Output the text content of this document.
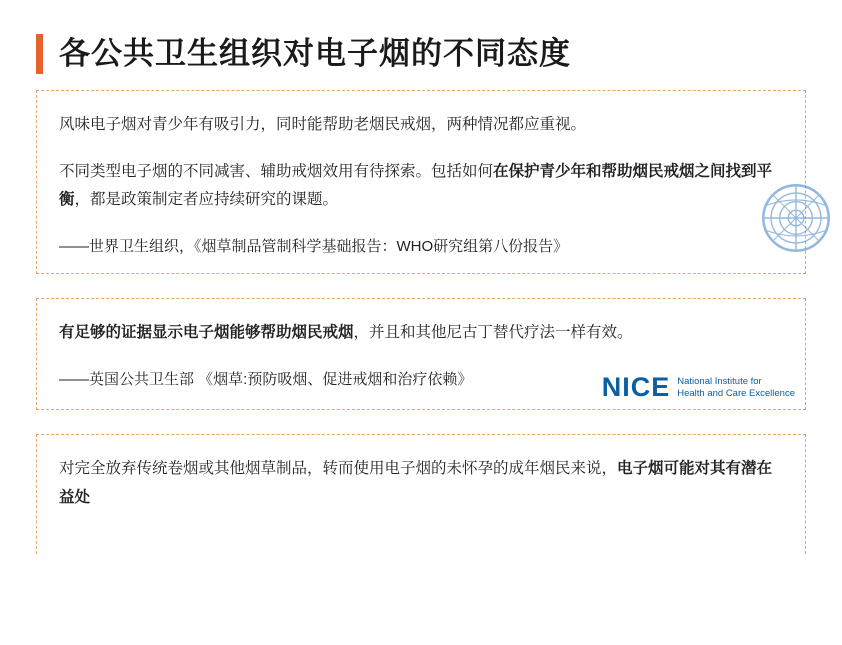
各公共卫生组织对电子烟的不同态度

风味电子烟对青少年有吸引力，同时能帮助老烟民戒烟，两种情况都应重视。

不同类型电子烟的不同减害、辅助戒烟效用有待探索。包括如何在保护青少年和帮助烟民戒烟之间找到平衡，都是政策制定者应持续研究的课题。

——世界卫生组织，《烟草制品管制科学基础报告：WHO研究组第八份报告》

有足够的证据显示电子烟能够帮助烟民戒烟，并且和其他尼古丁替代疗法一样有效。

——英国公共卫生部 《烟草:预防吸烟、促进戒烟和治疗依赖》	NICE National Institute for
Health and Care Excellence

对完全放弃传统卷烟或其他烟草制品，转而使用电子烟的未怀孕的成年烟民来说，电子烟可能对其有潜在益处
